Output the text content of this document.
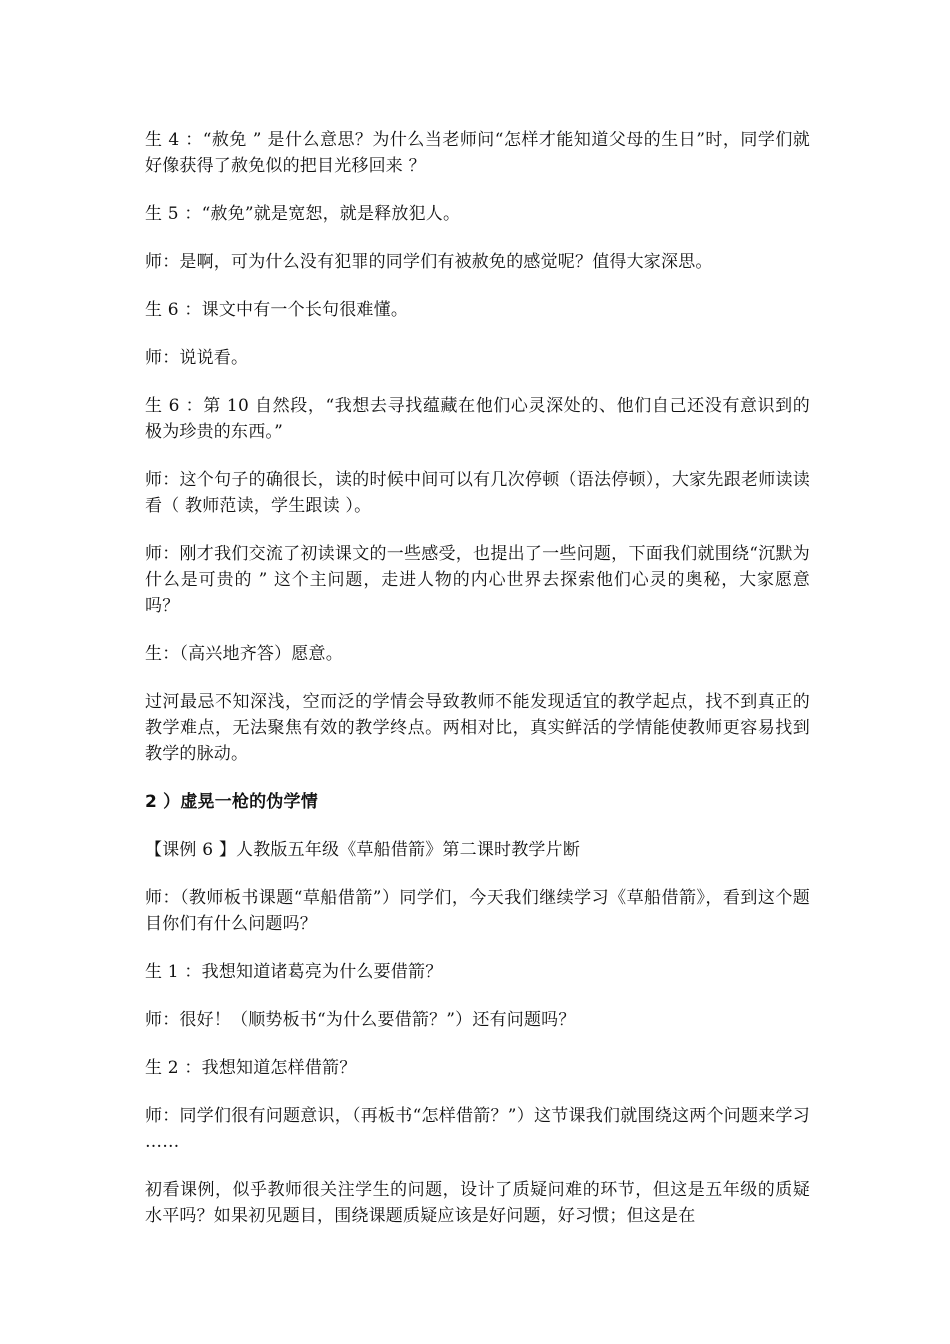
生 4 ：“赦免 ” 是什么意思？为什么当老师问“怎样才能知道父母的生日”时，同学们就好像获得了赦免似的把目光移回来 ？

生 5 ：“赦免”就是宽恕，就是释放犯人。

师：是啊，可为什么没有犯罪的同学们有被赦免的感觉呢？值得大家深思。

生 6 ：课文中有一个长句很难懂。

师：说说看。

生 6 ：第 10 自然段，“我想去寻找蕴藏在他们心灵深处的、他们自己还没有意识到的极为珍贵的东西。”

师：这个句子的确很长，读的时候中间可以有几次停顿（语法停顿），大家先跟老师读读看（ 教师范读，学生跟读 ）。

师：刚才我们交流了初读课文的一些感受，也提出了一些问题，下面我们就围绕“沉默为什么是可贵的 ” 这个主问题，走进人物的内心世界去探索他们心灵的奥秘，大家愿意吗？

生：（高兴地齐答）愿意。

过河最忌不知深浅，空而泛的学情会导致教师不能发现适宜的教学起点，找不到真正的教学难点，无法聚焦有效的教学终点。两相对比，真实鲜活的学情能使教师更容易找到教学的脉动。

2 ）虚晃一枪的伪学情

【课例 6 】人教版五年级《草船借箭》第二课时教学片断

师：（教师板书课题“草船借箭”）同学们，今天我们继续学习《草船借箭》，看到这个题目你们有什么问题吗？

生 1 ：我想知道诸葛亮为什么要借箭？

师：很好！（顺势板书“为什么要借箭？”）还有问题吗？

生 2 ：我想知道怎样借箭？

师：同学们很有问题意识，（再板书“怎样借箭？”）这节课我们就围绕这两个问题来学习 ……

初看课例，似乎教师很关注学生的问题，设计了质疑问难的环节，但这是五年级的质疑水平吗？如果初见题目，围绕课题质疑应该是好问题，好习惯；但这是在
